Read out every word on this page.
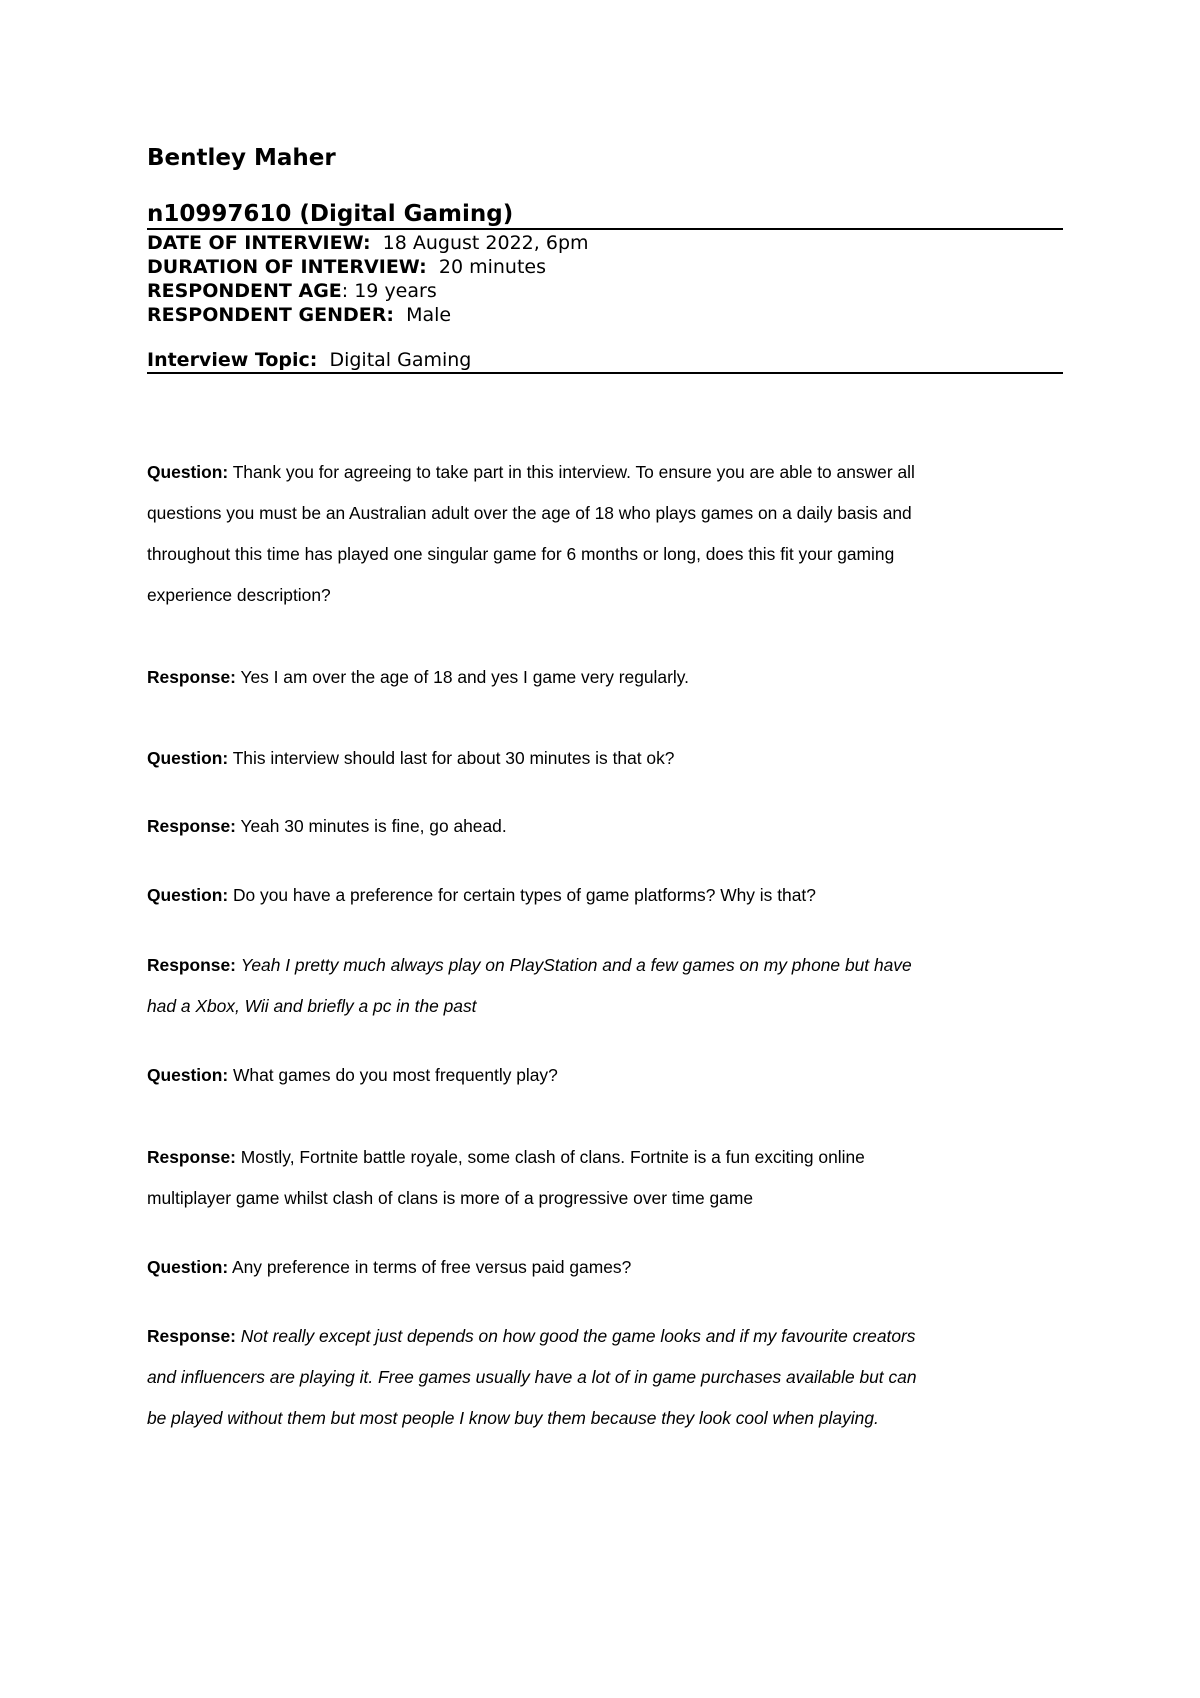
Bentley Maher
n10997610 (Digital Gaming)
DATE OF INTERVIEW: 18 August 2022, 6pm
DURATION OF INTERVIEW: 20 minutes
RESPONDENT AGE: 19 years
RESPONDENT GENDER: Male
Interview Topic: Digital Gaming
Question: Thank you for agreeing to take part in this interview. To ensure you are able to answer all
questions you must be an Australian adult over the age of 18 who plays games on a daily basis and
throughout this time has played one singular game for 6 months or long, does this fit your gaming
experience description?
Response: Yes I am over the age of 18 and yes I game very regularly.
Question: This interview should last for about 30 minutes is that ok?
Response: Yeah 30 minutes is fine, go ahead.
Question: Do you have a preference for certain types of game platforms? Why is that?
Response: Yeah I pretty much always play on PlayStation and a few games on my phone but have
had a Xbox, Wii and briefly a pc in the past
Question: What games do you most frequently play?
Response: Mostly, Fortnite battle royale, some clash of clans. Fortnite is a fun exciting online
multiplayer game whilst clash of clans is more of a progressive over time game
Question: Any preference in terms of free versus paid games?
Response: Not really except just depends on how good the game looks and if my favourite creators
and influencers are playing it. Free games usually have a lot of in game purchases available but can
be played without them but most people I know buy them because they look cool when playing.
